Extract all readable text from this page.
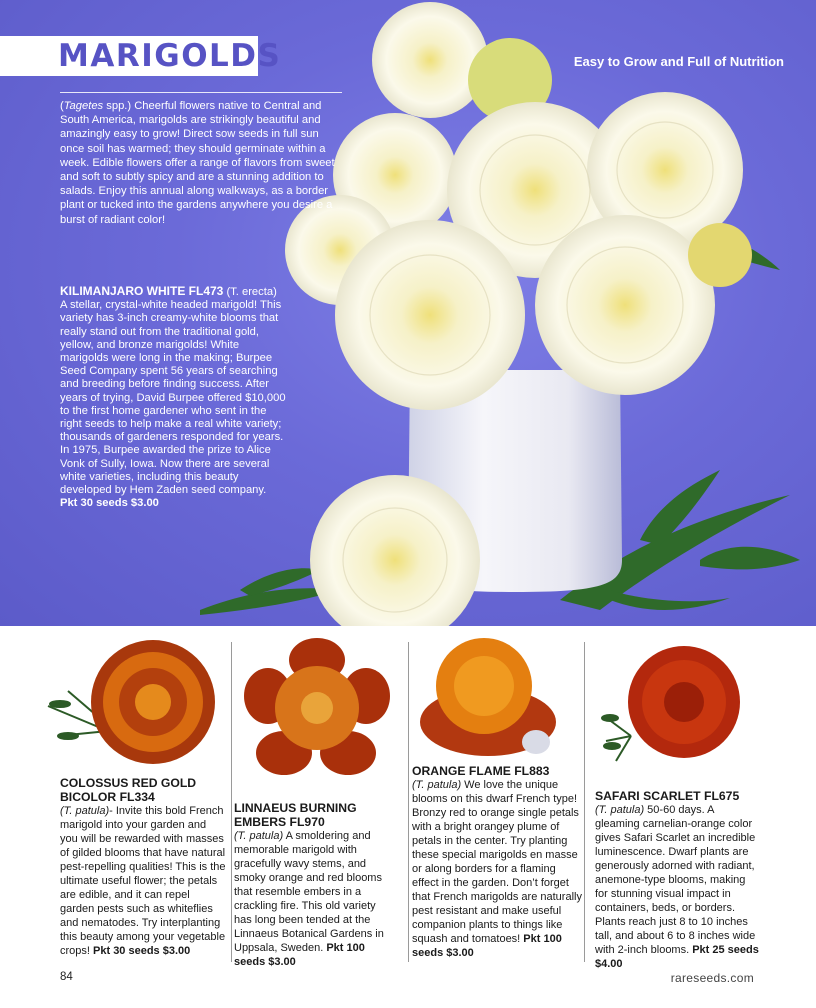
MARIGOLDS	Easy to Grow and Full of Nutrition

(Tagetes spp.) Cheerful flowers native to Central and South America, marigolds are strikingly beautiful and amazingly easy to grow! Direct sow seeds in full sun once soil has warmed; they should germinate within a week. Edible flowers offer a range of flavors from sweet and soft to subtly spicy and are a stunning addition to salads. Enjoy this annual along walkways, as a border plant or tucked into the gardens anywhere you desire a burst of radiant color!

KILIMANJARO WHITE FL473 (T. erecta) A stellar, crystal-white headed marigold! This variety has 3-inch creamy-white blooms that really stand out from the traditional gold, yellow, and bronze marigolds! White marigolds were long in the making; Burpee Seed Company spent 56 years of searching and breeding before finding success. After years of trying, David Burpee offered $10,000 to the first home gardener who sent in the right seeds to help make a real white variety; thousands of gardeners responded for years. In 1975, Burpee awarded the prize to Alice Vonk of Sully, Iowa. Now there are several white varieties, including this beauty developed by Hem Zaden seed company. Pkt 30 seeds $3.00

COLOSSUS RED GOLD BICOLOR FL334
(T. patula)- Invite this bold French marigold into your garden and you will be rewarded with masses of gilded blooms that have natural pest-repelling qualities! This is the ultimate useful flower; the petals are edible, and it can repel garden pests such as whiteflies and nematodes. Try interplanting this beauty among your vegetable crops! Pkt 30 seeds $3.00
LINNAEUS BURNING EMBERS FL970
(T. patula) A smoldering and memorable marigold with gracefully wavy stems, and smoky orange and red blooms that resemble embers in a crackling fire. This old variety has long been tended at the Linnaeus Botanical Gardens in Uppsala, Sweden. Pkt 100 seeds $3.00
ORANGE FLAME FL883
(T. patula) We love the unique blooms on this dwarf French type! Bronzy red to orange single petals with a bright orangey plume of petals in the center. Try planting these special marigolds en masse or along borders for a flaming effect in the garden. Don’t forget that French marigolds are naturally pest resistant and make useful companion plants to things like squash and tomatoes! Pkt 100 seeds $3.00
SAFARI SCARLET FL675
(T. patula) 50-60 days. A gleaming carnelian-orange color gives Safari Scarlet an incredible luminescence. Dwarf plants are generously adorned with radiant, anemone-type blooms, making for stunning visual impact in containers, beds, or borders. Plants reach just 8 to 10 inches tall, and about 6 to 8 inches wide with 2-inch blooms. Pkt 25 seeds $4.00
84	rareseeds.com
